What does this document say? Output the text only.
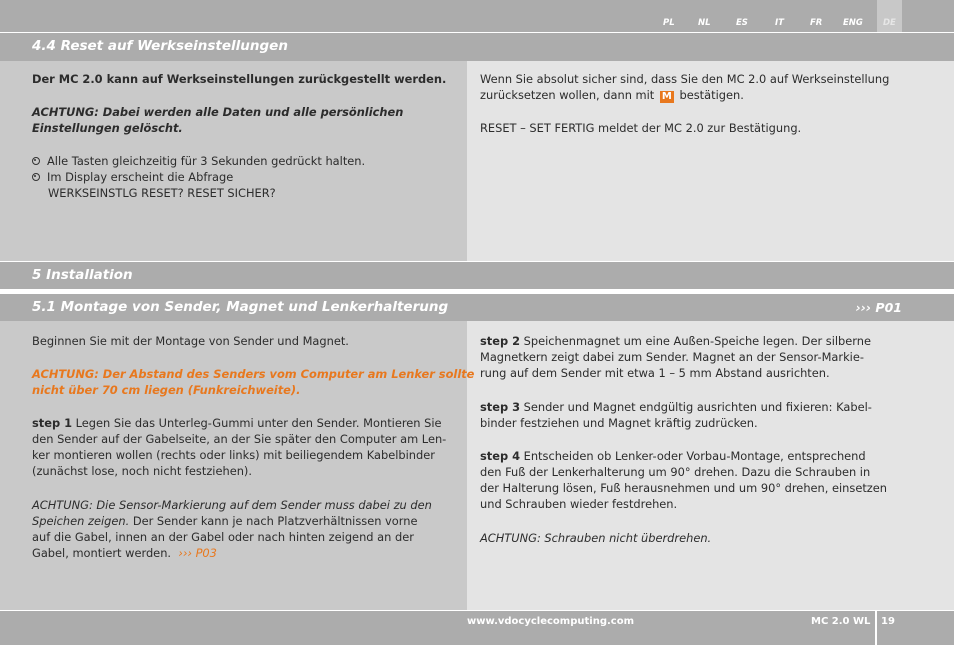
PL	NL	ES	IT	FR ENG DE
4.4 Reset auf Werkseinstellungen
Der MC 2.0 kann auf Werkseinstellungen zurückgestellt werden.
ACHTUNG: Dabei werden alle Daten und alle persönlichen
Einstellungen gelöscht.
Alle Tasten gleichzeitig für 3 Sekunden gedrückt halten.
Im Display erscheint die Abfrage
WERKSEINSTLG RESET? RESET SICHER?
Wenn Sie absolut sicher sind, dass Sie den MC 2.0 auf Werkseinstellung
zurücksetzen wollen, dann mit M bestätigen.
RESET – SET FERTIG meldet der MC 2.0 zur Bestätigung.
5 Installation
5.1 Montage von Sender, Magnet und Lenkerhalterung	››› P01
Beginnen Sie mit der Montage von Sender und Magnet.
ACHTUNG: Der Abstand des Senders vom Computer am Lenker sollte
nicht über 70 cm liegen (Funkreichweite).
step 1 Legen Sie das Unterleg-Gummi unter den Sender. Montieren Sie
den Sender auf der Gabelseite, an der Sie später den Computer am Len-
ker montieren wollen (rechts oder links) mit beiliegendem Kabelbinder
(zunächst lose, noch nicht festziehen).
ACHTUNG: Die Sensor-Markierung auf dem Sender muss dabei zu den
Speichen zeigen. Der Sender kann je nach Platzverhältnissen vorne
auf die Gabel, innen an der Gabel oder nach hinten zeigend an der
Gabel, montiert werden. ››› P03
step 2 Speichenmagnet um eine Außen-Speiche legen. Der silberne
Magnetkern zeigt dabei zum Sender. Magnet an der Sensor-Markie-
rung auf dem Sender mit etwa 1 – 5 mm Abstand ausrichten.
step 3 Sender und Magnet endgültig ausrichten und fixieren: Kabel-
binder festziehen und Magnet kräftig zudrücken.
step 4 Entscheiden ob Lenker-oder Vorbau-Montage, entsprechend
den Fuß der Lenkerhalterung um 90° drehen. Dazu die Schrauben in
der Halterung lösen, Fuß herausnehmen und um 90° drehen, einsetzen
und Schrauben wieder festdrehen.
ACHTUNG: Schrauben nicht überdrehen.
www.vdocyclecomputing.com	MC 2.0 WL 19
